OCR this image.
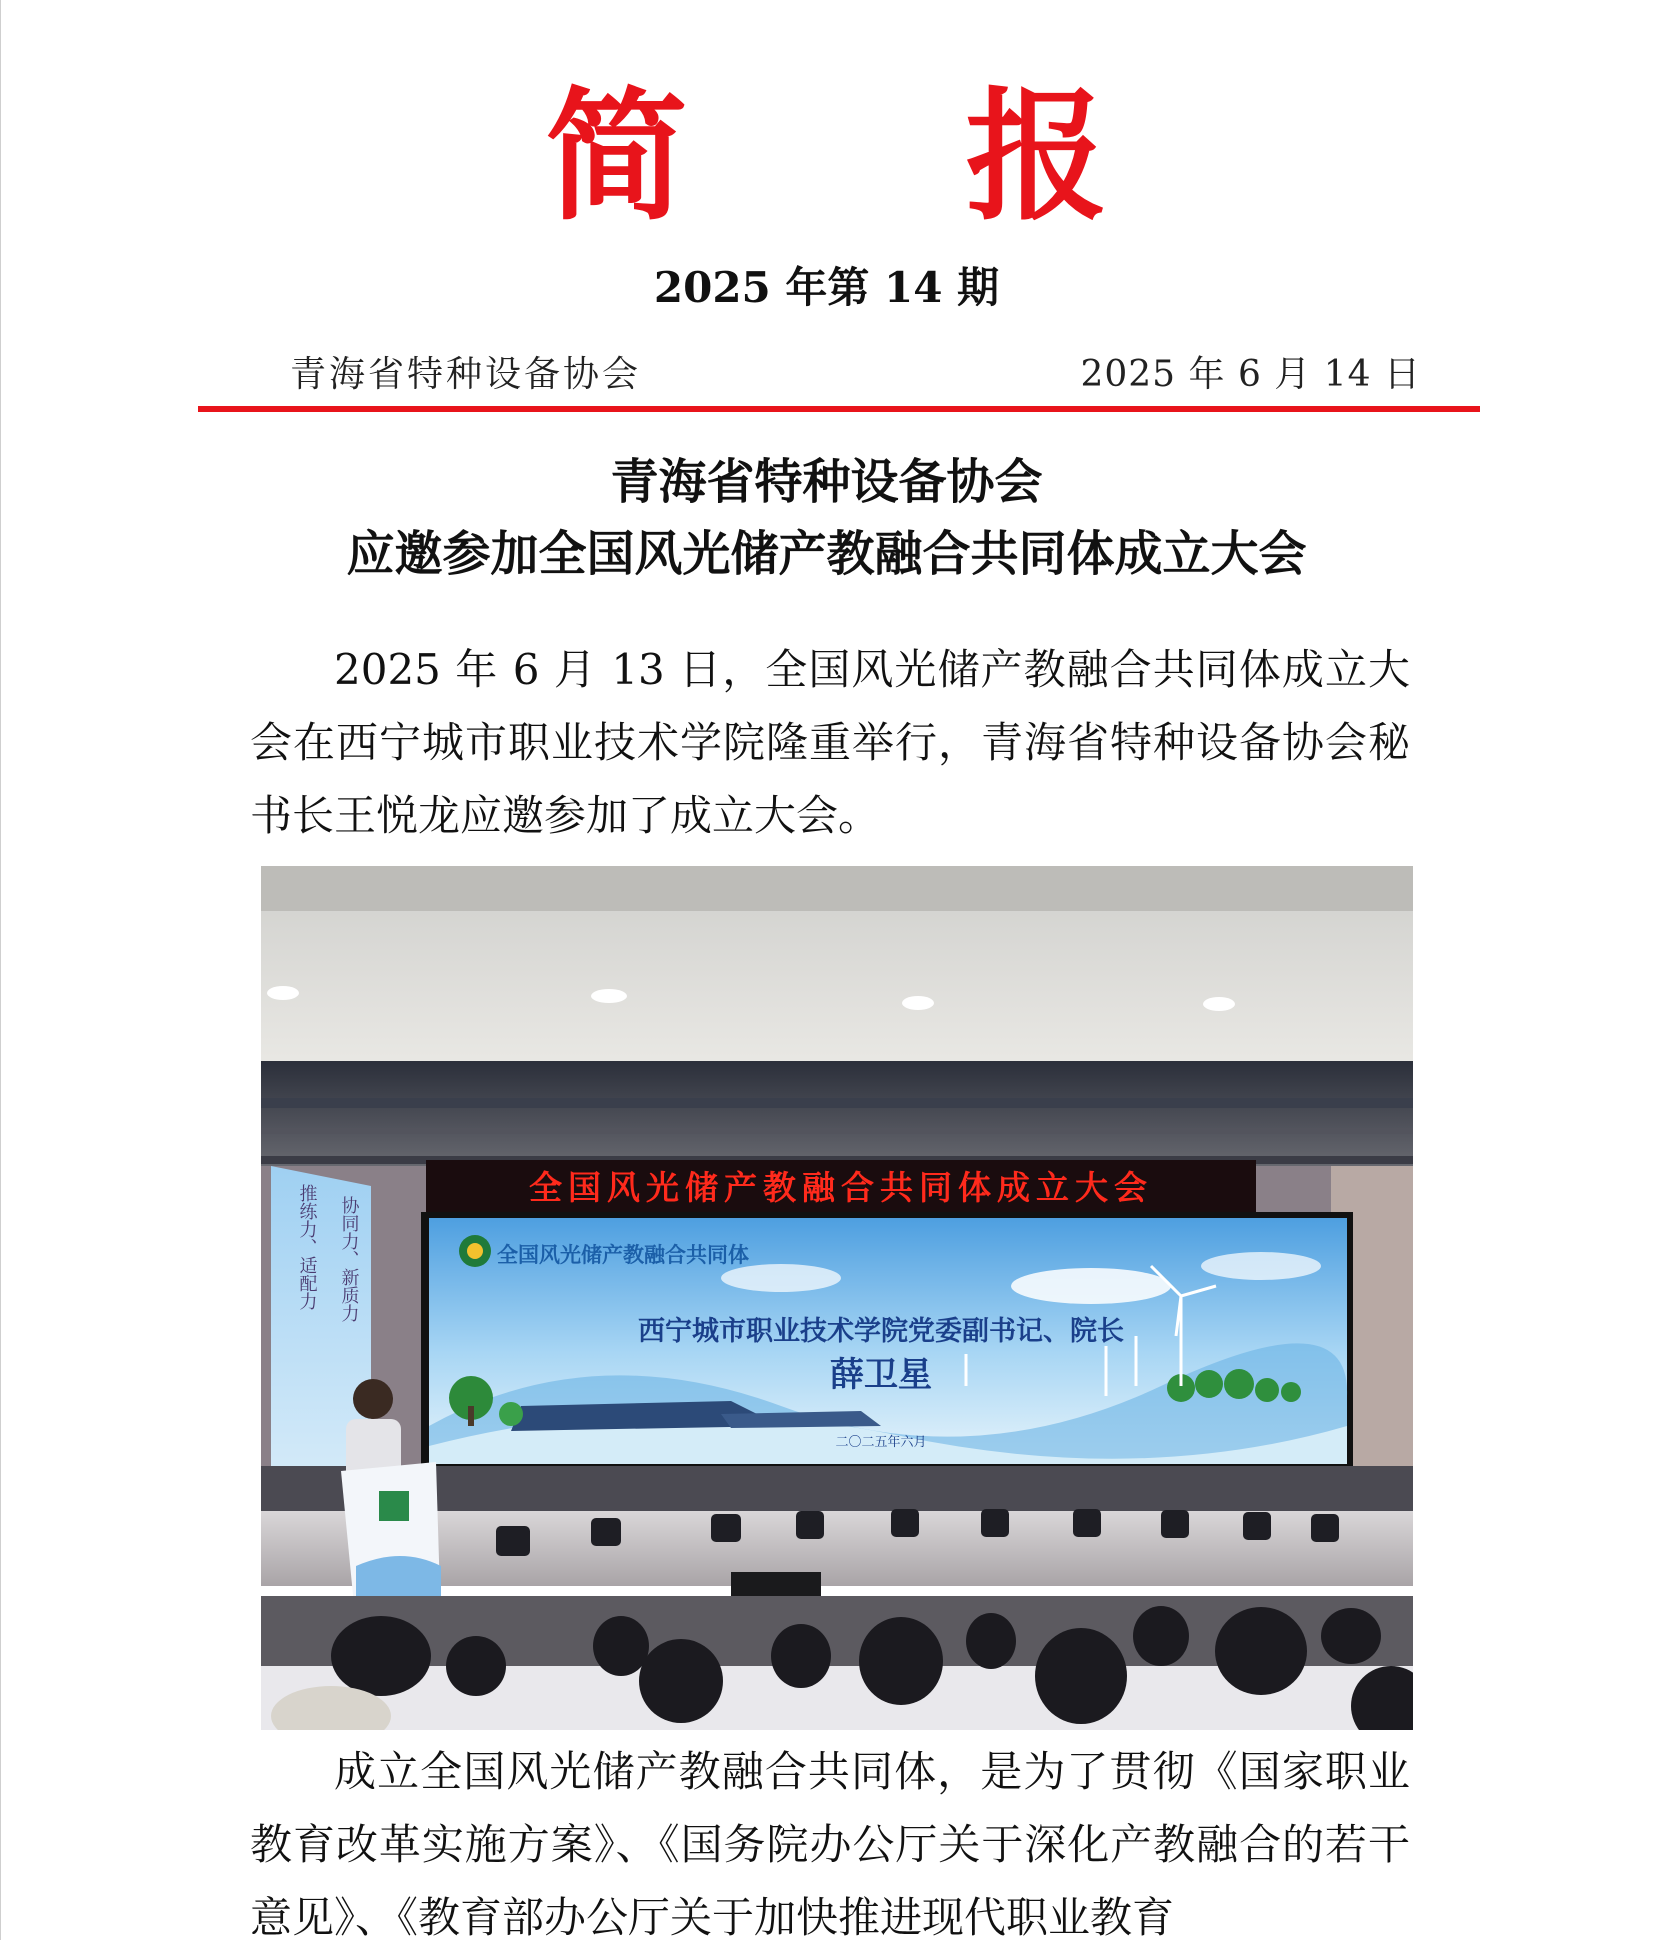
简 报
2025 年第 14 期
青海省特种设备协会	2025 年 6 月 14 日
青海省特种设备协会
应邀参加全国风光储产教融合共同体成立大会
2025 年 6 月 13 日，全国风光储产教融合共同体成立大会在西宁城市职业技术学院隆重举行，青海省特种设备协会秘书长王悦龙应邀参加了成立大会。
全国风光储产教融合共同体成立大会
全国风光储产教融合共同体
西宁城市职业技术学院党委副书记、院长
薛卫星
二〇二五年六月
协同力、新质力
推练力、适配力
成立全国风光储产教融合共同体，是为了贯彻《国家职业教育改革实施方案》、《国务院办公厅关于深化产教融合的若干意见》、《教育部办公厅关于加快推进现代职业教育
